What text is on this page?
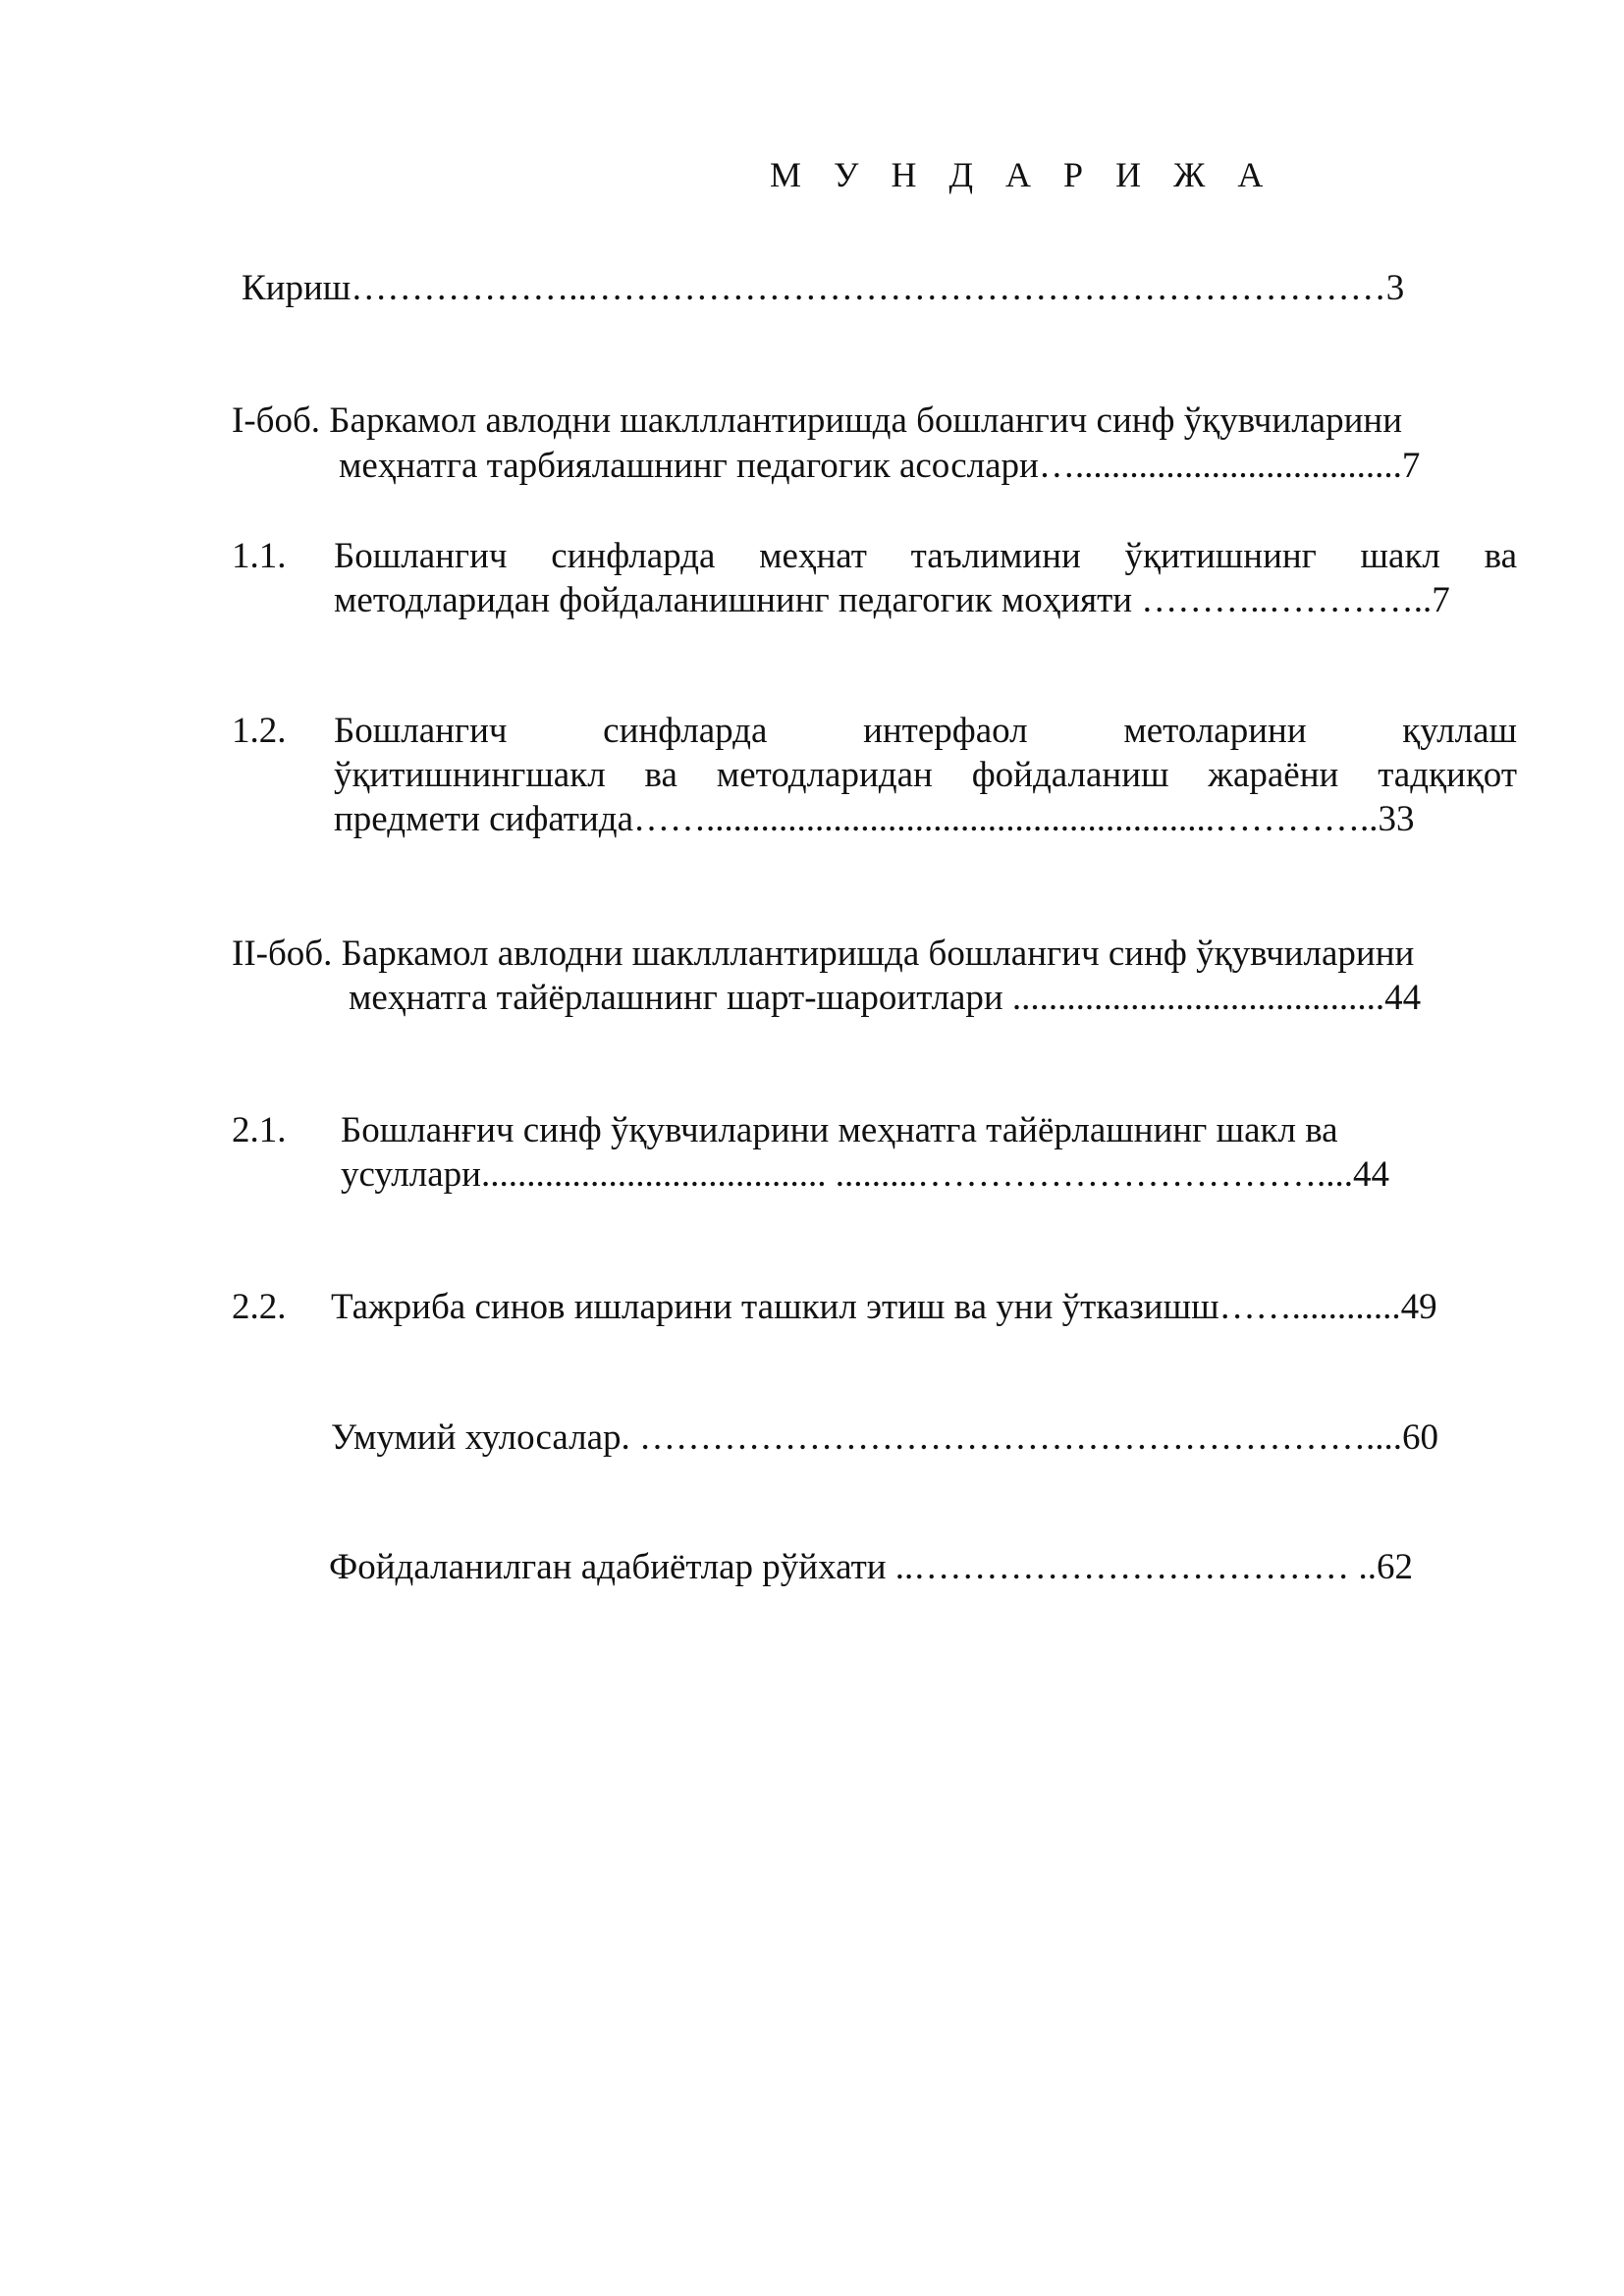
М У Н Д А Р И Ж А
Кириш………………..…………………………………………………………3
I-боб. Баркамол авлодни шаклллантиришда бошлангич синф ўқувчиларини
меҳнатга тарбиялашнинг педагогик асослари…....................................7
1.1. Бошлангич синфларда меҳнат таълимини ўқитишнинг шакл ва
методларидан фойдаланишнинг педагогик моҳияти ………..…………..7
1.2. Бошлангич синфларда интерфаол метоларини қуллаш
ўқитишнингшакл ва методларидан фойдаланиш жараёни тадқиқот
предмети сифатида……........................................................…………..33
II-боб. Баркамол авлодни шаклллантиришда бошлангич синф ўқувчиларини
меҳнатга тайёрлашнинг шарт-шароитлари .........................................44
2.1. Бошланғич синф ўқувчиларини меҳнатга тайёрлашнинг шакл ва
усуллари...................................... .........……………………………....44
2.2. Тажриба синов ишларини ташкил этиш ва уни ўтказишш……............49
Умумий хулосалар. ……………………………………………………....60
Фойдаланилган адабиётлар рўйхати ..……………………………… ..62
